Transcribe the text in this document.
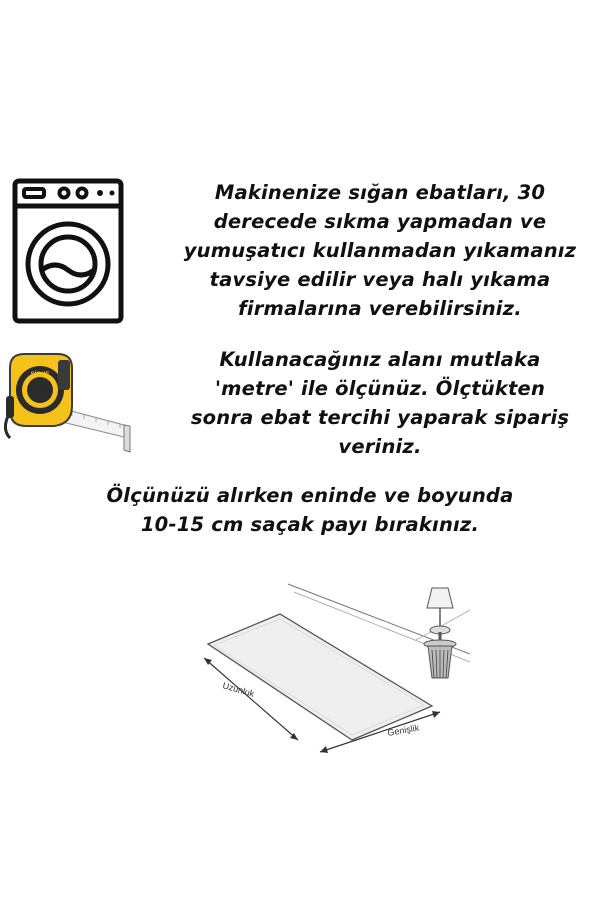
SİOHE
5m
Makinenize sığan ebatları, 30
derecede sıkma yapmadan ve
yumuşatıcı kullanmadan yıkamanız
tavsiye edilir veya halı yıkama
firmalarına verebilirsiniz.
Kullanacağınız alanı mutlaka
'metre' ile ölçünüz. Ölçtükten
sonra ebat tercihi yaparak sipariş
veriniz.
Ölçünüzü alırken eninde ve boyunda
10-15 cm saçak payı bırakınız.
Uzunluk
Genişlik
